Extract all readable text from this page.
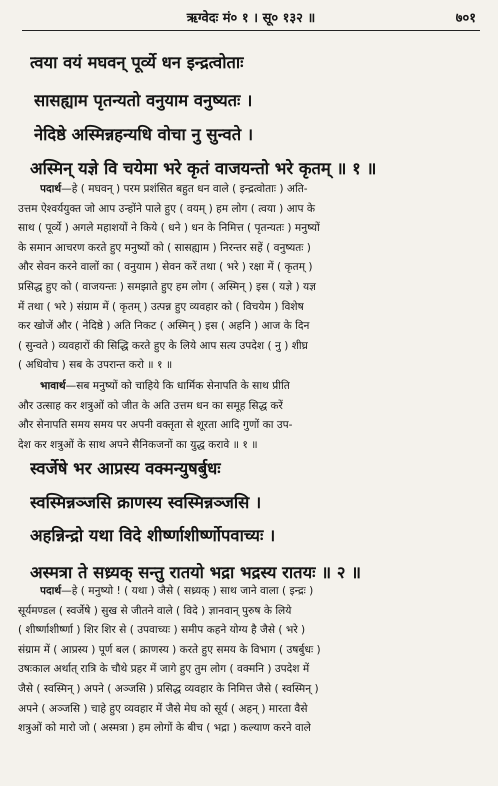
ऋग्वेदः मं० १ । सू० १३२ ॥	७०१
त्वया वयं मघवन् पूर्व्ये धन इन्द्रत्वोताः
सासह्याम पृतन्यतो वनुयाम वनुष्यतः ।
नेदिष्ठे अस्मिन्नहन्यधि वोचा नु सुन्वते ।
अस्मिन् यज्ञे वि चयेमा भरे कृतं वाजयन्तो भरे कृतम् ॥ १ ॥
पदार्थ—हे ( मघवन् ) परम प्रशंसित बहुत धन वाले ( इन्द्रत्वोताः ) अति-
उत्तम ऐश्वर्ययुक्त जो आप उन्होंने पाले हुए ( वयम् ) हम लोग ( त्वया ) आप के
साथ ( पूर्व्ये ) अगले महाशयों ने किये ( धने ) धन के निमित्त ( पृतन्यतः ) मनुष्यों
के समान आचरण करते हुए मनुष्यों को ( सासह्याम ) निरन्तर सहें ( वनुष्यतः )
और सेवन करने वालों का ( वनुयाम ) सेवन करें तथा ( भरे ) रक्षा में ( कृतम् )
प्रसिद्ध हुए को ( वाजयन्तः ) समझाते हुए हम लोग ( अस्मिन् ) इस ( यज्ञे ) यज्ञ
में तथा ( भरे ) संग्राम में ( कृतम् ) उत्पन्न हुए व्यवहार को ( विचयेम ) विशेष
कर खोजें और ( नेदिष्ठे ) अति निकट ( अस्मिन् ) इस ( अहनि ) आज के दिन
( सुन्वते ) व्यवहारों की सिद्धि करते हुए के लिये आप सत्य उपदेश ( नु ) शीघ्र
( अधिवोच ) सब के उपरान्त करो ॥ १ ॥
भावार्थ—सब मनुष्यों को चाहिये कि धार्मिक सेनापति के साथ प्रीति
और उत्साह कर शत्रुओं को जीत के अति उत्तम धन का समूह सिद्ध करें
और सेनापति समय समय पर अपनी वक्तृता से शूरता आदि गुणों का उप-
देश कर शत्रुओं के साथ अपने सैनिकजनों का युद्ध करावे ॥ १ ॥
स्वर्जेषे भर आप्रस्य वक्मन्युषर्बुधः
स्वस्मिन्नञ्जसि क्राणस्य स्वस्मिन्नञ्जसि ।
अहन्निन्द्रो यथा विदे शीर्ष्णाशीर्ष्णोपवाच्यः ।
अस्मत्रा ते सध्र्यक् सन्तु रातयो भद्रा भद्रस्य रातयः ॥ २ ॥
पदार्थ—हे ( मनुष्यो ! ( यथा ) जैसे ( सध्र्यक् ) साथ जाने वाला ( इन्द्रः )
सूर्यमण्डल ( स्वर्जेषे ) सुख से जीतने वाले ( विदे ) ज्ञानवान् पुरुष के लिये
( शीर्ष्णाशीर्ष्णा ) शिर शिर से ( उपवाच्यः ) समीप कहने योग्य है जैसे ( भरे )
संग्राम में ( आप्रस्य ) पूर्ण बल ( क्राणस्य ) करते हुए समय के विभाग ( उषर्बुधः )
उषःकाल अर्थात् रात्रि के चौथे प्रहर में जागे हुए तुम लोग ( वक्मनि ) उपदेश में
जैसे ( स्वस्मिन् ) अपने ( अञ्जसि ) प्रसिद्ध व्यवहार के निमित्त जैसे ( स्वस्मिन् )
अपने ( अञ्जसि ) चाहे हुए व्यवहार में जैसे मेघ को सूर्य ( अहन् ) मारता वैसे
शत्रुओं को मारो जो ( अस्मत्रा ) हम लोगों के बीच ( भद्रा ) कल्याण करने वाले
